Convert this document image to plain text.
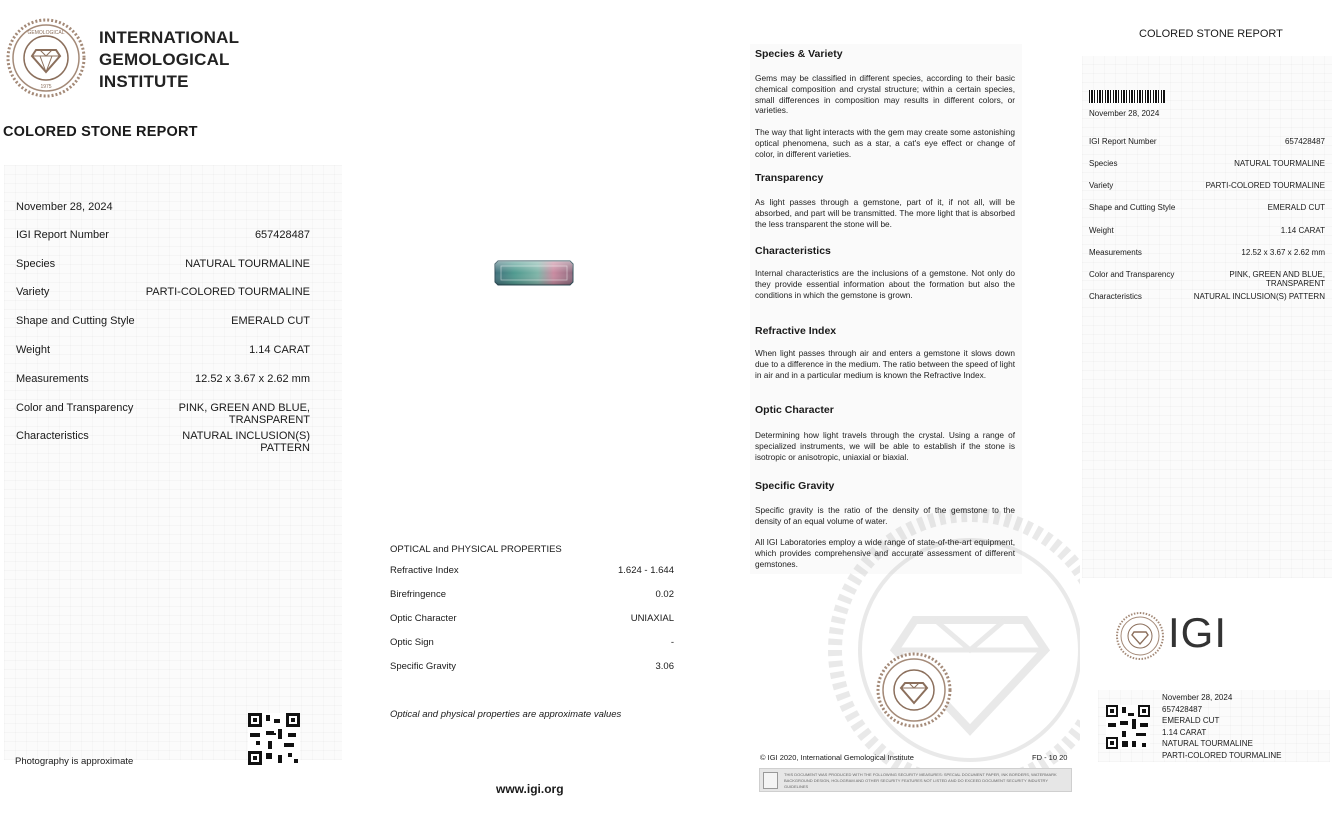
GEMOLOGICAL
1975
INTERNATIONAL
GEMOLOGICAL
INSTITUTE
COLORED STONE REPORT
November 28, 2024
IGI Report Number	657428487
Species	NATURAL TOURMALINE
Variety	PARTI-COLORED TOURMALINE
Shape and Cutting Style	EMERALD CUT
Weight	1.14 CARAT
Measurements	12.52 x 3.67 x 2.62 mm
Color and Transparency	PINK, GREEN AND BLUE,
TRANSPARENT
Characteristics	NATURAL INCLUSION(S)
PATTERN
Photography is approximate
OPTICAL and PHYSICAL PROPERTIES
Refractive Index	1.624 - 1.644
Birefringence	0.02
Optic Character	UNIAXIAL
Optic Sign	-
Specific Gravity	3.06
Optical and physical properties are approximate values
www.igi.org
Species & Variety
Gems may be classified in different species, according to their basic chemical composition and crystal structure; within a certain species, small differences in composition may results in different colors, or varieties.
The way that light interacts with the gem may create some astonishing optical phenomena, such as a star, a cat's eye effect or change of color, in different varieties.
Transparency
As light passes through a gemstone, part of it, if not all, will be absorbed, and part will be transmitted. The more light that is absorbed the less transparent the stone will be.
Characteristics
Internal characteristics are the inclusions of a gemstone. Not only do they provide essential information about the formation but also the conditions in which the gemstone is grown.
Refractive Index
When light passes through air and enters a gemstone it slows down due to a difference in the medium. The ratio between the speed of light in air and in a particular medium is known the Refractive Index.
Optic Character
Determining how light travels through the crystal. Using a range of specialized instruments, we will be able to establish if the stone is isotropic or anisotropic, uniaxial or biaxial.
Specific Gravity
Specific gravity is the ratio of the density of the gemstone to the density of an equal volume of water.
All IGI Laboratories employ a wide range of state-of-the-art equipment, which provides comprehensive and accurate assessment of different gemstones.
© IGI 2020, International Gemological Institute	FD - 10 20
THIS DOCUMENT WAS PRODUCED WITH THE FOLLOWING SECURITY MEASURES: SPECIAL DOCUMENT PAPER, INK BORDERS, WATERMARK BACKGROUND DESIGN, HOLOGRAM AND OTHER SECURITY FEATURES NOT LISTED AND DO EXCEED DOCUMENT SECURITY INDUSTRY GUIDELINES
COLORED STONE REPORT
November 28, 2024
IGI Report Number	657428487
Species	NATURAL TOURMALINE
Variety	PARTI-COLORED TOURMALINE
Shape and Cutting Style	EMERALD CUT
Weight	1.14 CARAT
Measurements	12.52 x 3.67 x 2.62 mm
Color and Transparency	PINK, GREEN AND BLUE,
TRANSPARENT
Characteristics	NATURAL INCLUSION(S) PATTERN
IGI
November 28, 2024
657428487
EMERALD CUT
1.14 CARAT
NATURAL TOURMALINE
PARTI-COLORED TOURMALINE
